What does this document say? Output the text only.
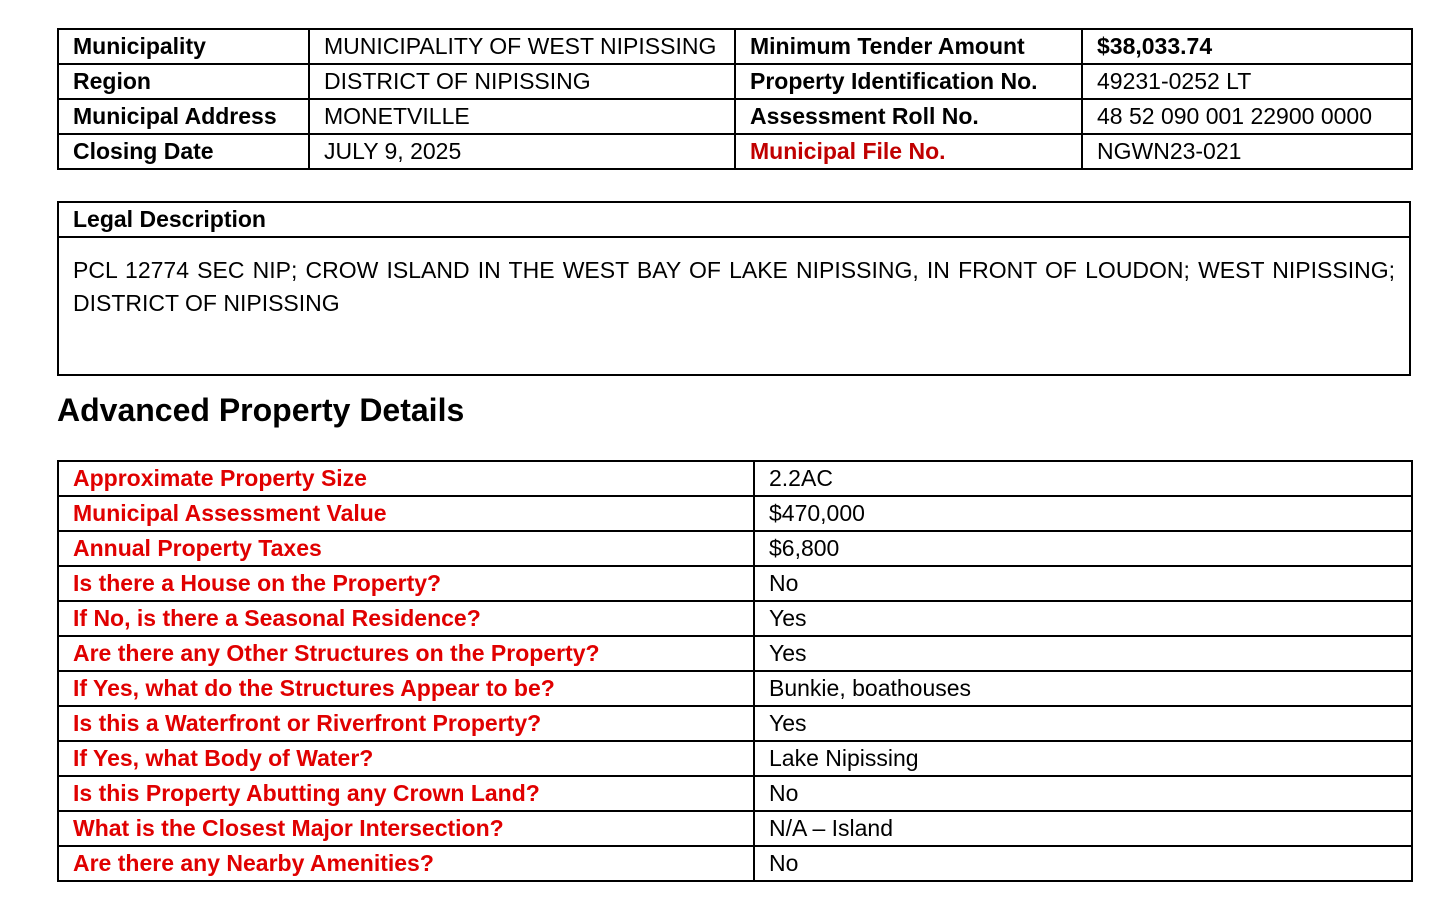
Municipality	MUNICIPALITY OF WEST NIPISSING	Minimum Tender Amount	$38,033.74
Region	DISTRICT OF NIPISSING	Property Identification No.	49231-0252 LT
Municipal Address	MONETVILLE	Assessment Roll No.	48 52 090 001 22900 0000
Closing Date	JULY 9, 2025	Municipal File No.	NGWN23-021
Legal Description
PCL 12774 SEC NIP; CROW ISLAND IN THE WEST BAY OF LAKE NIPISSING, IN FRONT OF LOUDON; WEST NIPISSING; DISTRICT OF NIPISSING
Advanced Property Details
Approximate Property Size	2.2AC
Municipal Assessment Value	$470,000
Annual Property Taxes	$6,800
Is there a House on the Property?	No
If No, is there a Seasonal Residence?	Yes
Are there any Other Structures on the Property?	Yes
If Yes, what do the Structures Appear to be?	Bunkie, boathouses
Is this a Waterfront or Riverfront Property?	Yes
If Yes, what Body of Water?	Lake Nipissing
Is this Property Abutting any Crown Land?	No
What is the Closest Major Intersection?	N/A – Island
Are there any Nearby Amenities?	No
